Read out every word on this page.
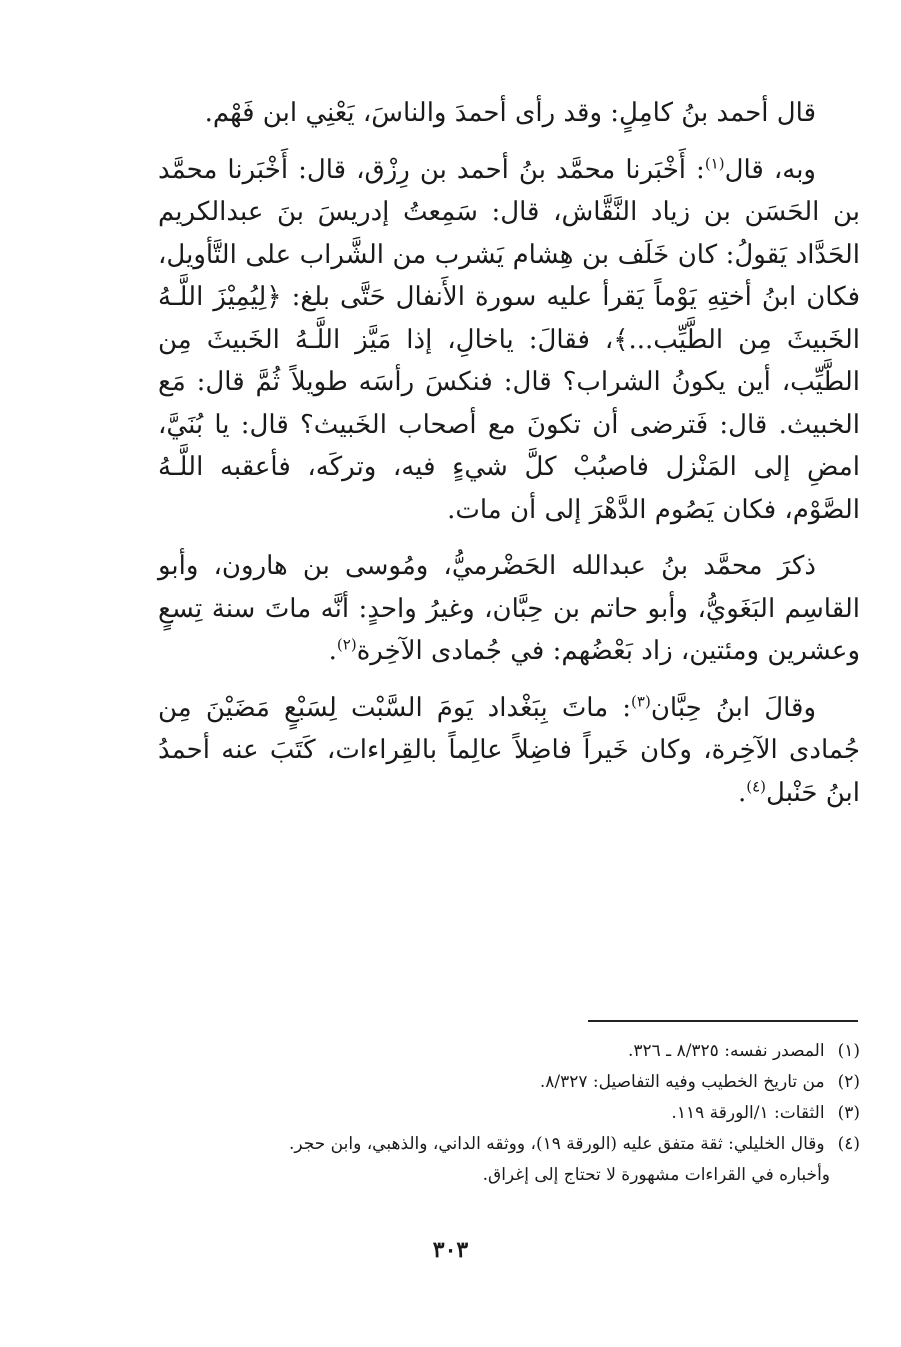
قال أحمد بنُ كامِلٍ: وقد رأى أحمدَ والناسَ، يَعْنِي ابن فَهْم.

وبه، قال$^{(١)}$: أَخْبَرنا محمَّد بنُ أحمد بن رِزْق، قال: أَخْبَرنا محمَّد بن الحَسَن بن زياد النَّقَّاش، قال: سَمِعتُ إدريسَ بنَ عبدالكريم الحَدَّاد يَقولُ: كان خَلَف بن هِشام يَشرب من الشَّراب على التَّأويل، فكان ابنُ أختِهِ يَوْماً يَقرأ عليه سورة الأَنفال حَتَّى بلغ: ﴿لِيُمِيْزَ اللَّـهُ الخَبيثَ مِن الطَّيِّب...﴾، فقالَ: ياخالِ، إذا مَيَّز اللَّـهُ الخَبيثَ مِن الطَّيِّب، أين يكونُ الشراب؟ قال: فنكسَ رأسَه طويلاً ثُمَّ قال: مَع الخبيث. قال: فَترضى أن تكونَ مع أصحاب الخَبيث؟ قال: يا بُنَيَّ، امضِ إلى المَنْزل فاصبُبْ كلَّ شيءٍ فيه، وتركَه، فأعقبه اللَّـهُ الصَّوْم، فكان يَصُوم الدَّهْرَ إلى أن مات.

ذكرَ محمَّد بنُ عبدالله الحَضْرميُّ، ومُوسى بن هارون، وأبو القاسِم البَغَويُّ، وأبو حاتم بن حِبَّان، وغيرُ واحدٍ: أنَّه ماتَ سنة تِسعٍ وعشرين ومئتين، زاد بَعْضُهم: في جُمادى الآخِرة$^{(٢)}$.

وقالَ ابنُ حِبَّان$^{(٣)}$: ماتَ بِبَغْداد يَومَ السَّبْت لِسَبْعٍ مَضَيْنَ مِن جُمادى الآخِرة، وكان خَيراً فاضِلاً عالِماً بالقِراءات، كَتَبَ عنه أحمدُ ابنُ حَنْبل$^{(٤)}$.

(١) المصدر نفسه: ٨/٣٢٥ ـ ٣٢٦.

(٢) من تاريخ الخطيب وفيه التفاصيل: ٨/٣٢٧.

(٣) الثقات: ١/الورقة ١١٩.

(٤) وقال الخليلي: ثقة متفق عليه (الورقة ١٩)، ووثقه الداني، والذهبي، وابن حجر.

وأخباره في القراءات مشهورة لا تحتاج إلى إغراق.

٣٠٣
